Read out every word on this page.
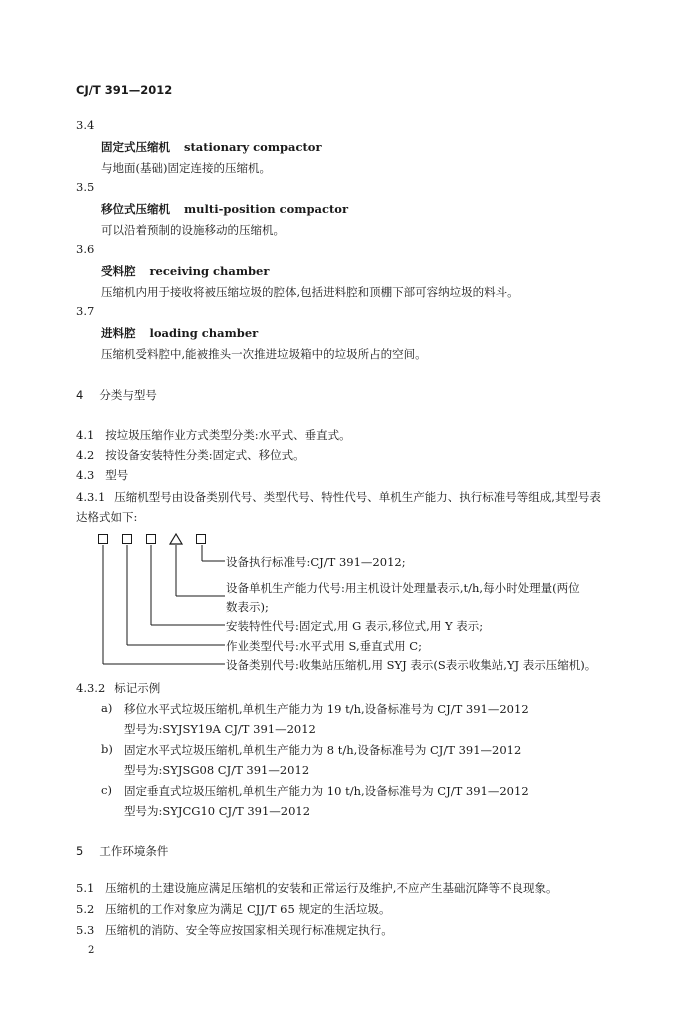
CJ/T 391—2012
3.4
固定式压缩机 stationary compactor
与地面(基础)固定连接的压缩机。
3.5
移位式压缩机 multi-position compactor
可以沿着预制的设施移动的压缩机。
3.6
受料腔 receiving chamber
压缩机内用于接收将被压缩垃圾的腔体,包括进料腔和顶棚下部可容纳垃圾的料斗。
3.7
进料腔 loading chamber
压缩机受料腔中,能被推头一次推进垃圾箱中的垃圾所占的空间。
4 分类与型号
4.1 按垃圾压缩作业方式类型分类:水平式、垂直式。
4.2 按设备安装特性分类:固定式、移位式。
4.3 型号
4.3.1 压缩机型号由设备类别代号、类型代号、特性代号、单机生产能力、执行标准号等组成,其型号表
达格式如下:
设备执行标准号:CJ/T 391—2012;
设备单机生产能力代号:用主机设计处理量表示,t/h,每小时处理量(两位
数表示);
安装特性代号:固定式,用 G 表示,移位式,用 Y 表示;
作业类型代号:水平式用 S,垂直式用 C;
设备类别代号:收集站压缩机,用 SYJ 表示(S表示收集站,YJ 表示压缩机)。
4.3.2 标记示例
a) 移位水平式垃圾压缩机,单机生产能力为 19 t/h,设备标准号为 CJ/T 391—2012
型号为:SYJSY19A CJ/T 391—2012
b) 固定水平式垃圾压缩机,单机生产能力为 8 t/h,设备标准号为 CJ/T 391—2012
型号为:SYJSG08 CJ/T 391—2012
c) 固定垂直式垃圾压缩机,单机生产能力为 10 t/h,设备标准号为 CJ/T 391—2012
型号为:SYJCG10 CJ/T 391—2012
5 工作环境条件
5.1 压缩机的土建设施应满足压缩机的安装和正常运行及维护,不应产生基础沉降等不良现象。
5.2 压缩机的工作对象应为满足 CJJ/T 65 规定的生活垃圾。
5.3 压缩机的消防、安全等应按国家相关现行标准规定执行。
2
